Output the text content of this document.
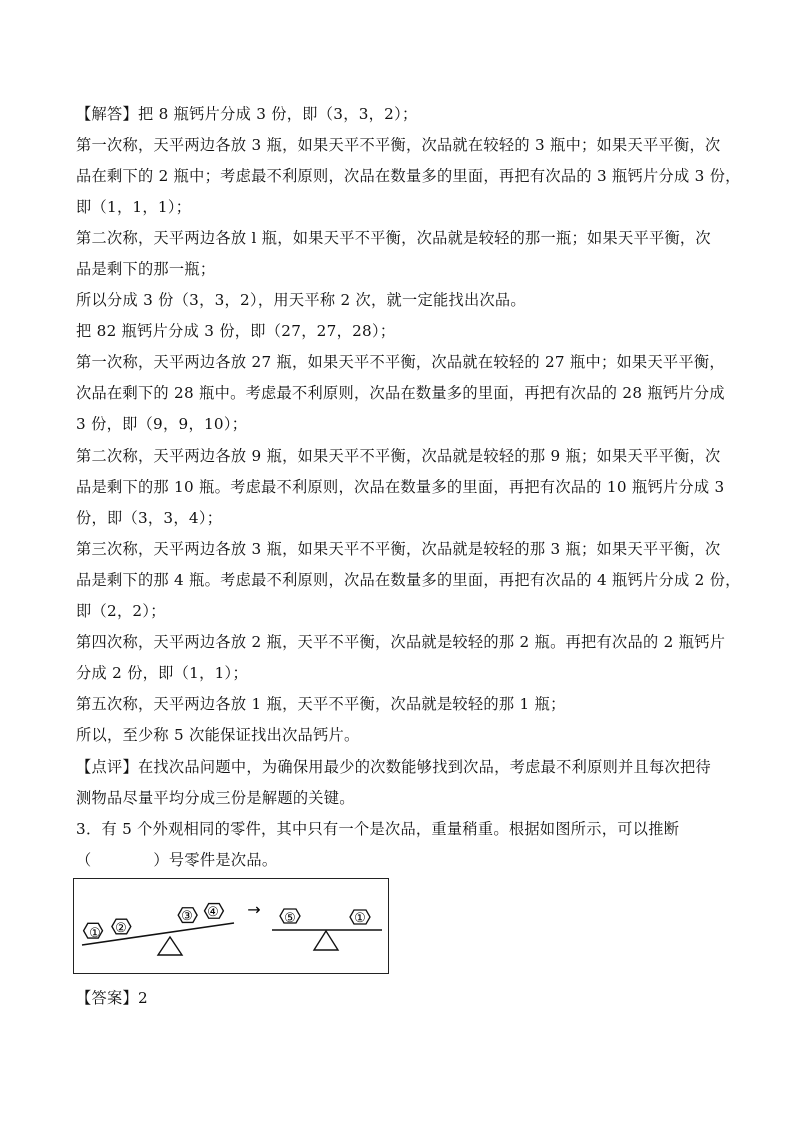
【解答】把 8 瓶钙片分成 3 份，即（3，3，2）；
第一次称，天平两边各放 3 瓶，如果天平不平衡，次品就在较轻的 3 瓶中；如果天平平衡，次
品在剩下的 2 瓶中；考虑最不利原则，次品在数量多的里面，再把有次品的 3 瓶钙片分成 3 份，
即（1，1，1）；
第二次称，天平两边各放 l 瓶，如果天平不平衡，次品就是较轻的那一瓶；如果天平平衡，次
品是剩下的那一瓶；
所以分成 3 份（3，3，2），用天平称 2 次，就一定能找出次品。
把 82 瓶钙片分成 3 份，即（27，27，28）；
第一次称，天平两边各放 27 瓶，如果天平不平衡，次品就在较轻的 27 瓶中；如果天平平衡，
次品在剩下的 28 瓶中。考虑最不利原则，次品在数量多的里面，再把有次品的 28 瓶钙片分成
3 份，即（9，9，10）；
第二次称，天平两边各放 9 瓶，如果天平不平衡，次品就是较轻的那 9 瓶；如果天平平衡，次
品是剩下的那 10 瓶。考虑最不利原则，次品在数量多的里面，再把有次品的 10 瓶钙片分成 3
份，即（3，3，4）；
第三次称，天平两边各放 3 瓶，如果天平不平衡，次品就是较轻的那 3 瓶；如果天平平衡，次
品是剩下的那 4 瓶。考虑最不利原则，次品在数量多的里面，再把有次品的 4 瓶钙片分成 2 份，
即（2，2）；
第四次称，天平两边各放 2 瓶，天平不平衡，次品就是较轻的那 2 瓶。再把有次品的 2 瓶钙片
分成 2 份，即（1，1）；
第五次称，天平两边各放 1 瓶，天平不平衡，次品就是较轻的那 1 瓶；
所以，至少称 5 次能保证找出次品钙片。
【点评】在找次品问题中，为确保用最少的次数能够找到次品，考虑最不利原则并且每次把待
测物品尽量平均分成三份是解题的关键。
3．有 5 个外观相同的零件，其中只有一个是次品，重量稍重。根据如图所示，可以推断
（　　　　）号零件是次品。
① ②
③ ④ → ⑤	①
【答案】2
